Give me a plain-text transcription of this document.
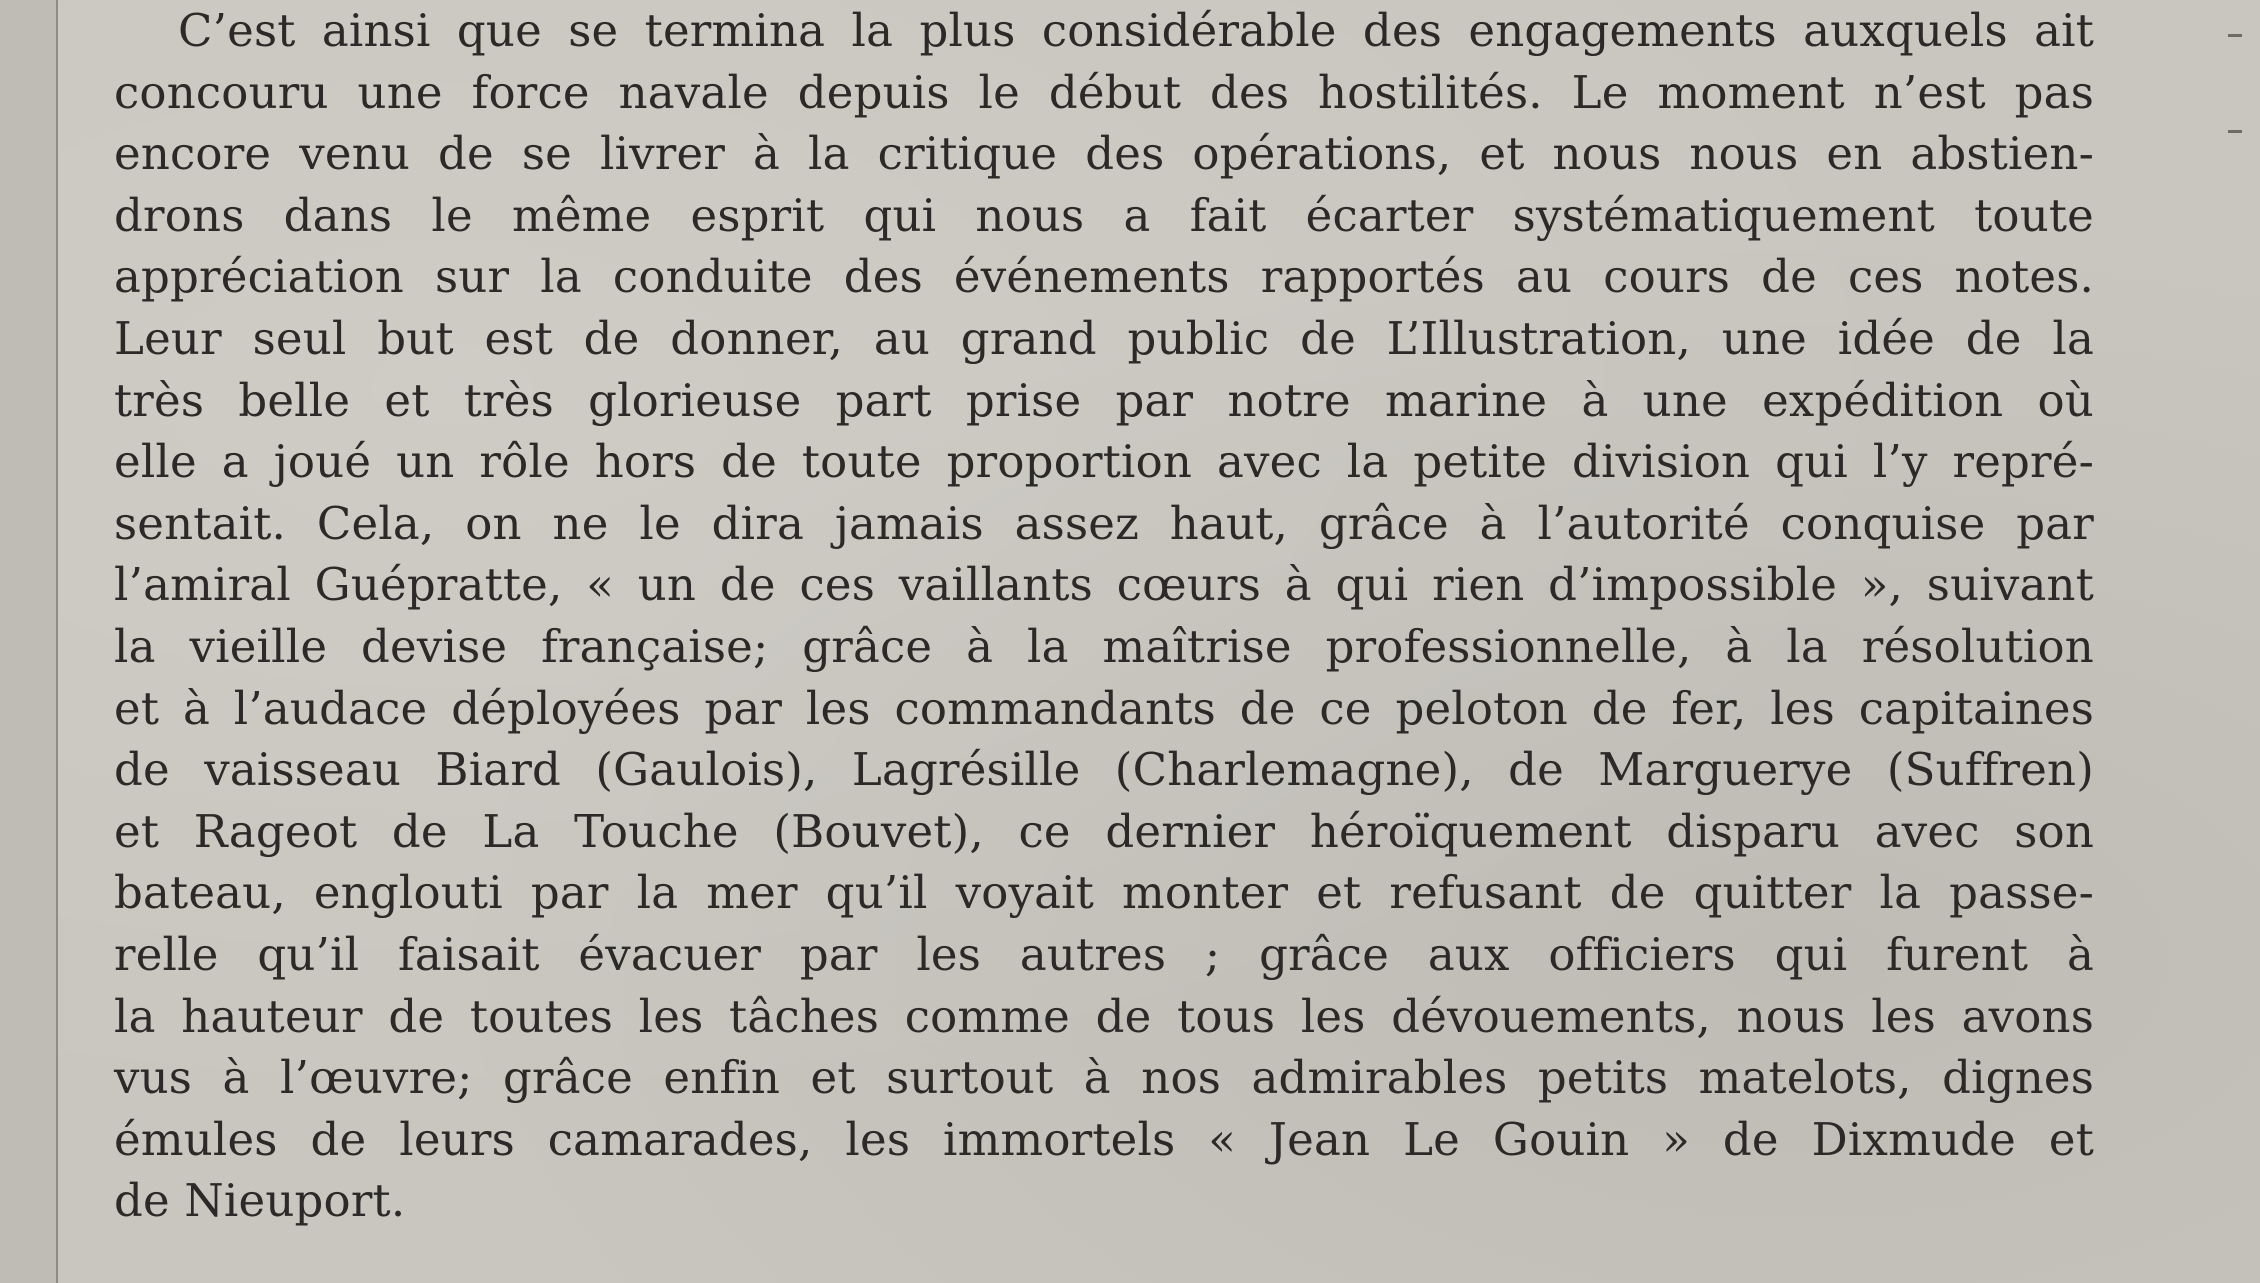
C’est ainsi que se termina la plus considérable des engagements auxquels ait
concouru une force navale depuis le début des hostilités. Le moment n’est pas
encore venu de se livrer à la critique des opérations, et nous nous en abstien-
drons dans le même esprit qui nous a fait écarter systématiquement toute
appréciation sur la conduite des événements rapportés au cours de ces notes.
Leur seul but est de donner, au grand public de L’Illustration, une idée de la
très belle et très glorieuse part prise par notre marine à une expédition où
elle a joué un rôle hors de toute proportion avec la petite division qui l’y repré-
sentait. Cela, on ne le dira jamais assez haut, grâce à l’autorité conquise par
l’amiral Guépratte, « un de ces vaillants cœurs à qui rien d’impossible », suivant
la vieille devise française; grâce à la maîtrise professionnelle, à la résolution
et à l’audace déployées par les commandants de ce peloton de fer, les capitaines
de vaisseau Biard (Gaulois), Lagrésille (Charlemagne), de Marguerye (Suffren)
et Rageot de La Touche (Bouvet), ce dernier héroïquement disparu avec son
bateau, englouti par la mer qu’il voyait monter et refusant de quitter la passe-
relle qu’il faisait évacuer par les autres ; grâce aux officiers qui furent à
la hauteur de toutes les tâches comme de tous les dévouements, nous les avons
vus à l’œuvre; grâce enfin et surtout à nos admirables petits matelots, dignes
émules de leurs camarades, les immortels « Jean Le Gouin » de Dixmude et
de Nieuport.
